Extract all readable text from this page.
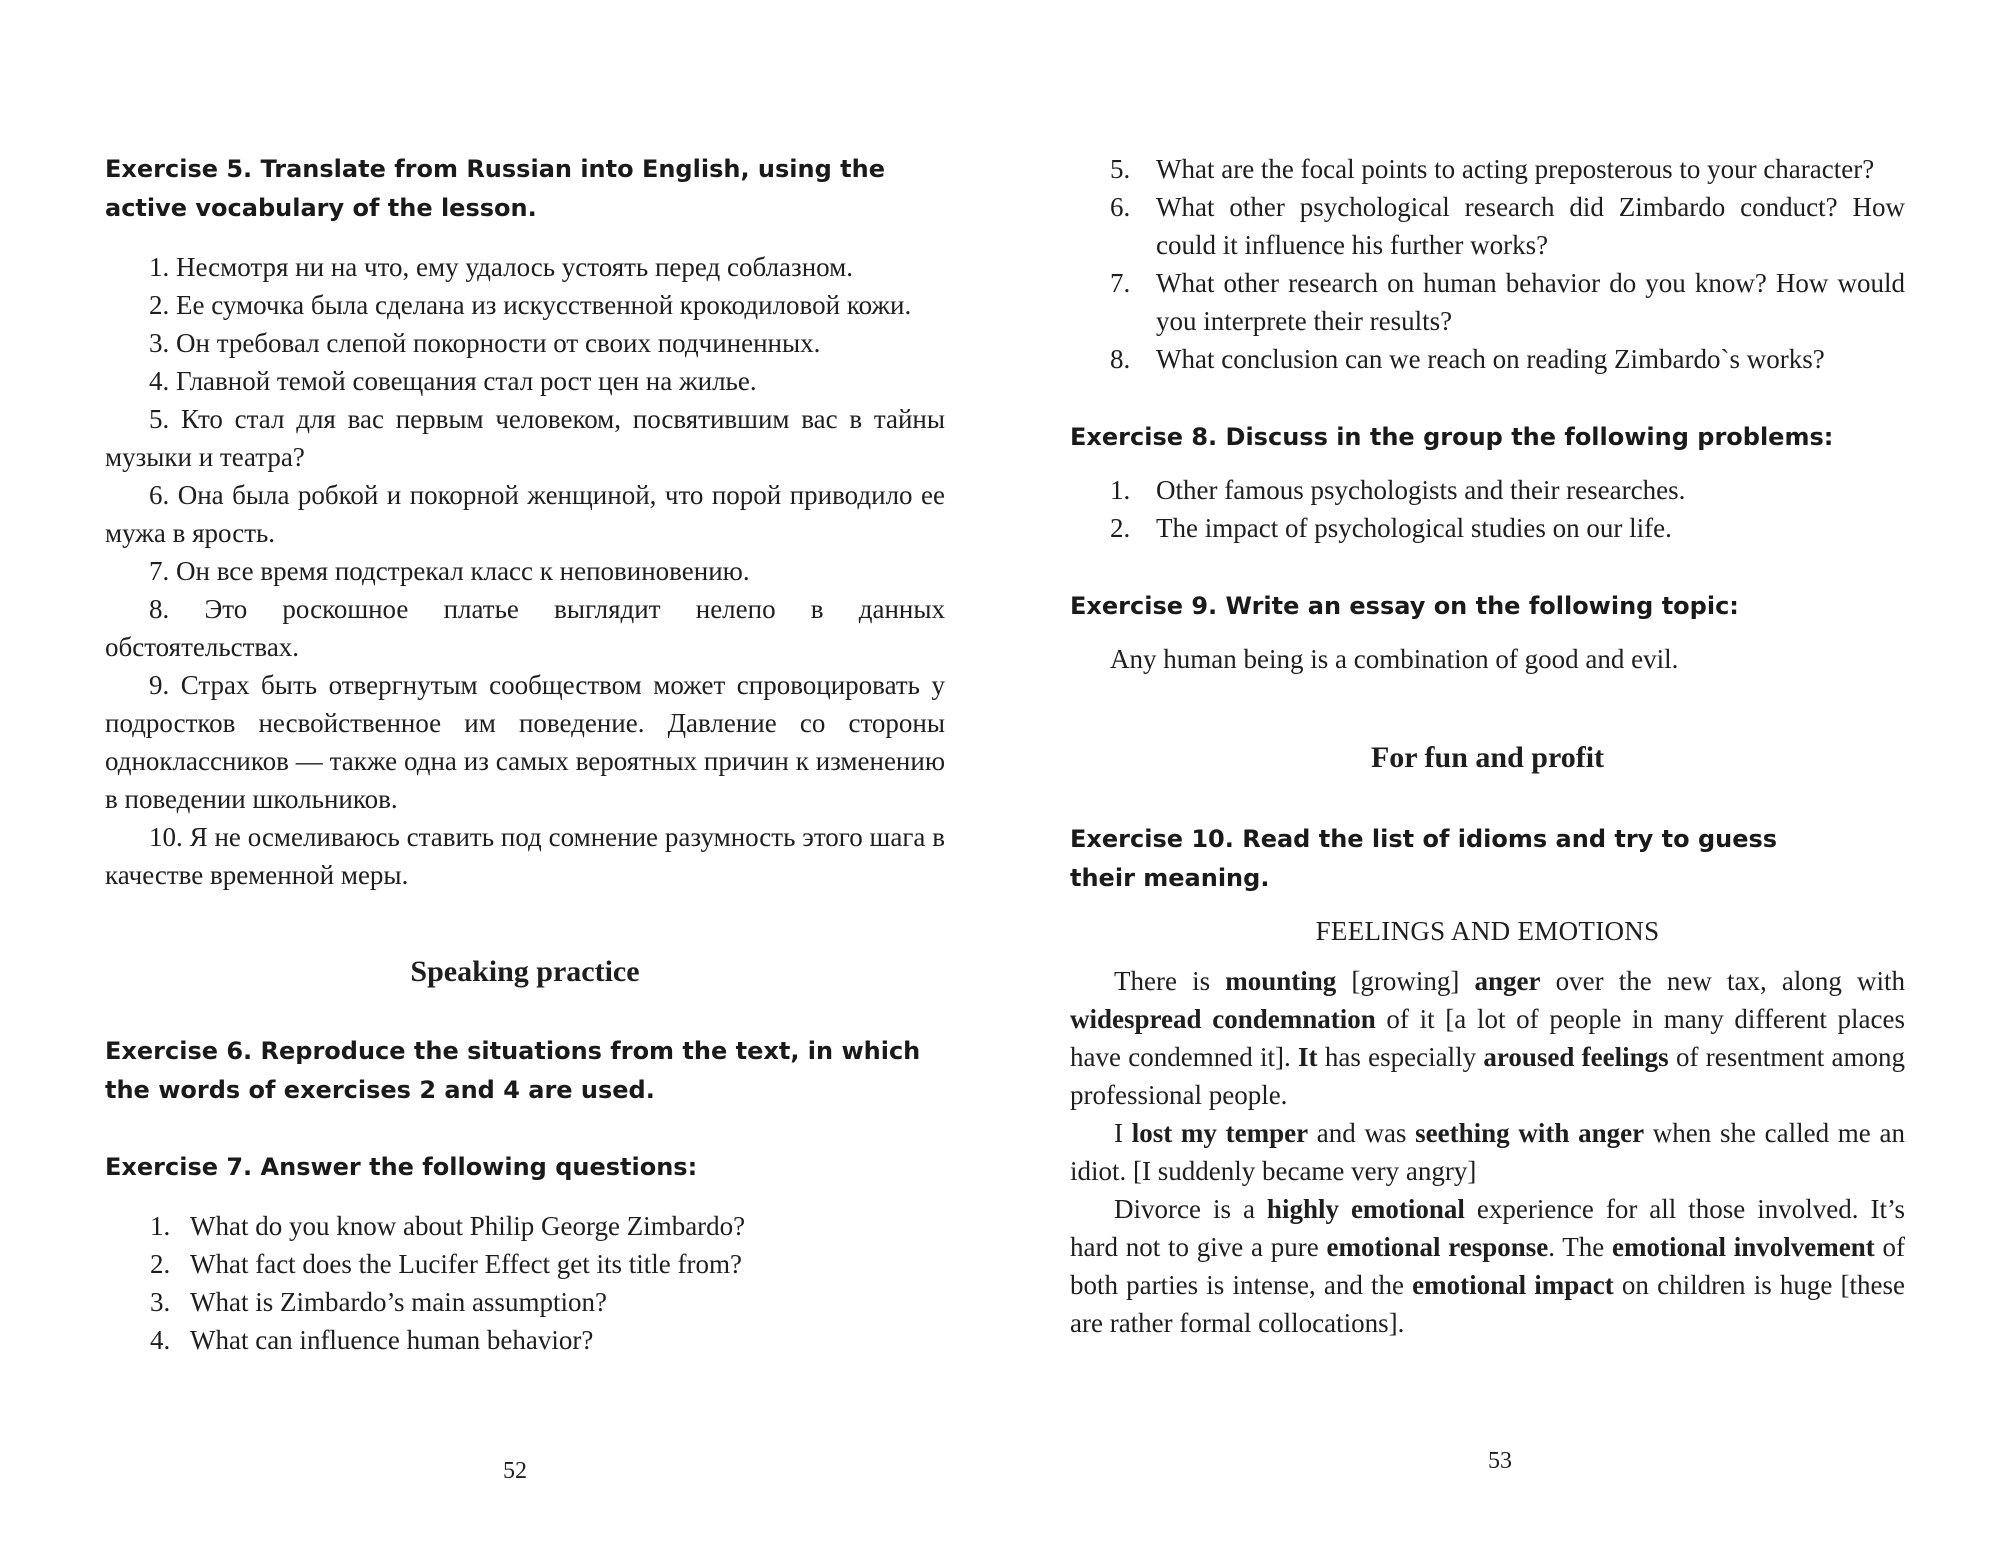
Exercise 5. Translate from Russian into English, using the active vocabulary of the lesson.

1. Несмотря ни на что, ему удалось устоять перед соблазном.
2. Ее сумочка была сделана из искусственной крокодиловой кожи.
3. Он требовал слепой покорности от своих подчиненных.
4. Главной темой совещания стал рост цен на жилье.
5. Кто стал для вас первым человеком, посвятившим вас в тайны музыки и театра?
6. Она была робкой и покорной женщиной, что порой приводило ее мужа в ярость.
7. Он все время подстрекал класс к неповиновению.
8. Это роскошное платье выглядит нелепо в данных обстоятельствах.
9. Страх быть отвергнутым сообществом может спровоцировать у подростков несвойственное им поведение. Давление со стороны одноклассников — также одна из самых вероятных причин к изменению в поведении школьников.
10. Я не осмеливаюсь ставить под сомнение разумность этого шага в качестве временной меры.
Speaking practice

Exercise 6. Reproduce the situations from the text, in which the words of exercises 2 and 4 are used.

Exercise 7. Answer the following questions:

1. What do you know about Philip George Zimbardo?
2. What fact does the Lucifer Effect get its title from?
3. What is Zimbardo’s main assumption?
4. What can influence human behavior?
52
5. What are the focal points to acting preposterous to your character?
6. What other psychological research did Zimbardo conduct? How could it influence his further works?
7. What other research on human behavior do you know? How would you interprete their results?
8. What conclusion can we reach on reading Zimbardo`s works?

Exercise 8. Discuss in the group the following problems:

1. Other famous psychologists and their researches.
2. The impact of psychological studies on our life.

Exercise 9. Write an essay on the following topic:

Any human being is a combination of good and evil.

For fun and profit

Exercise 10. Read the list of idioms and try to guess their meaning.

FEELINGS AND EMOTIONS

There is mounting [growing] anger over the new tax, along with widespread condemnation of it [a lot of people in many different places have condemned it]. It has especially aroused feelings of resentment among professional people.

I lost my temper and was seething with anger when she called me an idiot. [I suddenly became very angry]

Divorce is a highly emotional experience for all those involved. It’s hard not to give a pure emotional response. The emotional involvement of both parties is intense, and the emotional impact on children is huge [these are rather formal collocations].

53
